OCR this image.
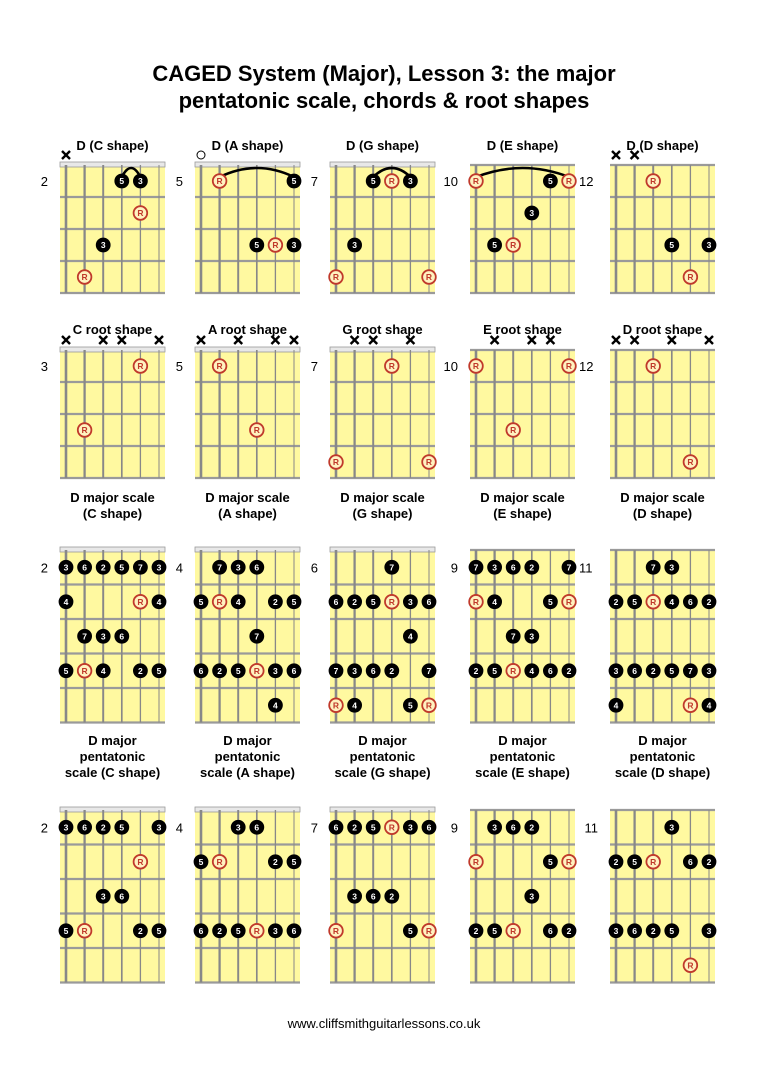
CAGED System (Major), Lesson 3: the major
pentatonic scale, chords & root shapes
D (C shape)
2	5 3
R
3
R
D (A shape)
5	R	5
5 R 3
D (G shape)
7	5 R 3
3
R	R
D (E shape)
10	12
R	5 R
3
5 R
D (D shape)
R
5	3
R
C root shape
3	R
R
A root shape
5	R
R
G root shape
7	R
R	R
E root shape
10	12
R	R
R
D root shape
R
R
D major scale
(C shape)
2 3 6 2 5 7 3
4	R 4
7 3 6
5 R 4	2 5
D major scale
(A shape)
4	7 3 6
5 R 4	2 5
7
6 2 5 R 3 6
4
D major scale
(G shape)
6	7
6 2 5 R 3 6
4
7 3 6 2	7
R 4	5 R
D major scale
(E shape)
9	11
7 3 6 2	7
R 4	5 R
7 3
2 5 R 4 6 2
D major scale
(D shape)
7 3
2 5 R 4 6 2
3 6 2 5 7 3
4	R 4
D major
pentatonic
scale (C shape)
2 3 6 2 5	3
R
3 6
5 R	2 5
D major
pentatonic
scale (A shape)
4	3 6
5 R	2 5
6 2 5 R 3 6
D major
pentatonic
scale (G shape)
7 6 2 5 R 3 6
3 6 2
R	5 R
D major
pentatonic
scale (E shape)
9	3 6 2
R	5 R
3
2 5 R	6 2
D major
pentatonic
scale (D shape)
11	3
2 5 R	6 2
3 6 2 5	3
R
www.cliffsmithguitarlessons.co.uk
